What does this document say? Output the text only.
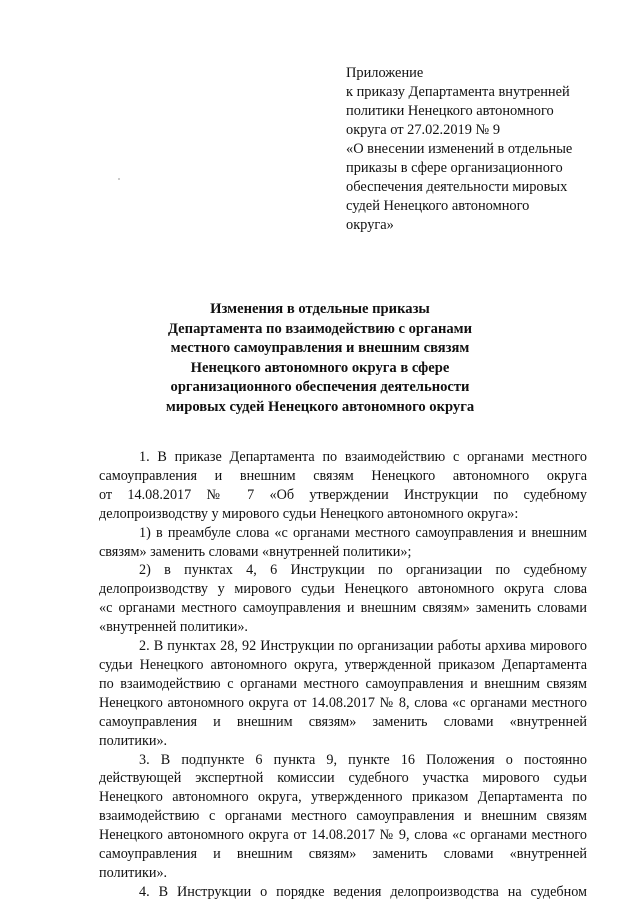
Приложение
к приказу Департамента внутренней
политики Ненецкого автономного
округа от 27.02.2019 № 9
«О внесении изменений в отдельные
приказы в сфере организационного
обеспечения деятельности мировых
судей Ненецкого автономного
округа»
Изменения в отдельные приказы
Департамента по взаимодействию с органами
местного самоуправления и внешним связям
Ненецкого автономного округа в сфере
организационного обеспечения деятельности
мировых судей Ненецкого автономного округа

1. В приказе Департамента по взаимодействию с органами местного
самоуправления и внешним связям Ненецкого автономного округа
от 14.08.2017 № 7 «Об утверждении Инструкции по судебному
делопроизводству у мирового судьи Ненецкого автономного округа»:

1) в преамбуле слова «с органами местного самоуправления и внешним
связям» заменить словами «внутренней политики»;

2) в пунктах 4, 6 Инструкции по организации по судебному
делопроизводству у мирового судьи Ненецкого автономного округа слова
«с органами местного самоуправления и внешним связям» заменить словами
«внутренней политики».

2. В пунктах 28, 92 Инструкции по организации работы архива мирового
судьи Ненецкого автономного округа, утвержденной приказом Департамента
по взаимодействию с органами местного самоуправления и внешним связям
Ненецкого автономного округа от 14.08.2017 № 8, слова «с органами местного
самоуправления и внешним связям» заменить словами «внутренней
политики».

3. В подпункте 6 пункта 9, пункте 16 Положения о постоянно
действующей экспертной комиссии судебного участка мирового судьи
Ненецкого автономного округа, утвержденного приказом Департамента по
взаимодействию с органами местного самоуправления и внешним связям
Ненецкого автономного округа от 14.08.2017 № 9, слова «с органами местного
самоуправления и внешним связям» заменить словами «внутренней
политики».

4. В Инструкции о порядке ведения делопроизводства на судебном
